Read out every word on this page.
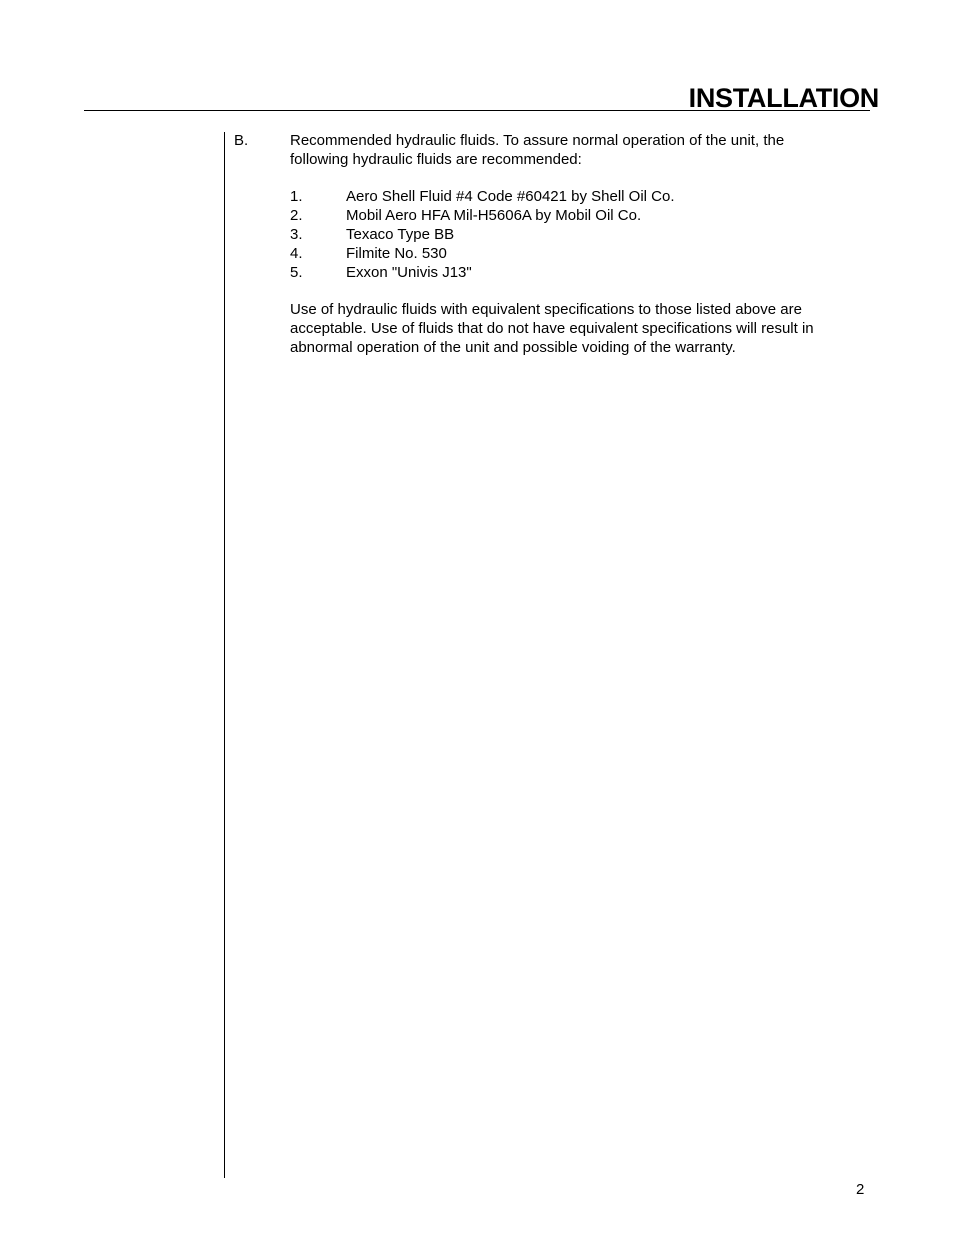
INSTALLATION
B.	Recommended hydraulic fluids. To assure normal operation of the unit, the following hydraulic fluids are recommended:
1.	Aero Shell Fluid #4 Code #60421 by Shell Oil Co.
2.	Mobil Aero HFA Mil-H5606A by Mobil Oil Co.
3.	Texaco Type BB
4.	Filmite No. 530
5.	Exxon "Univis J13"
Use of hydraulic fluids with equivalent specifications to those listed above are acceptable. Use of fluids that do not have equivalent specifications will result in abnormal operation of the unit and possible voiding of the warranty.
2
